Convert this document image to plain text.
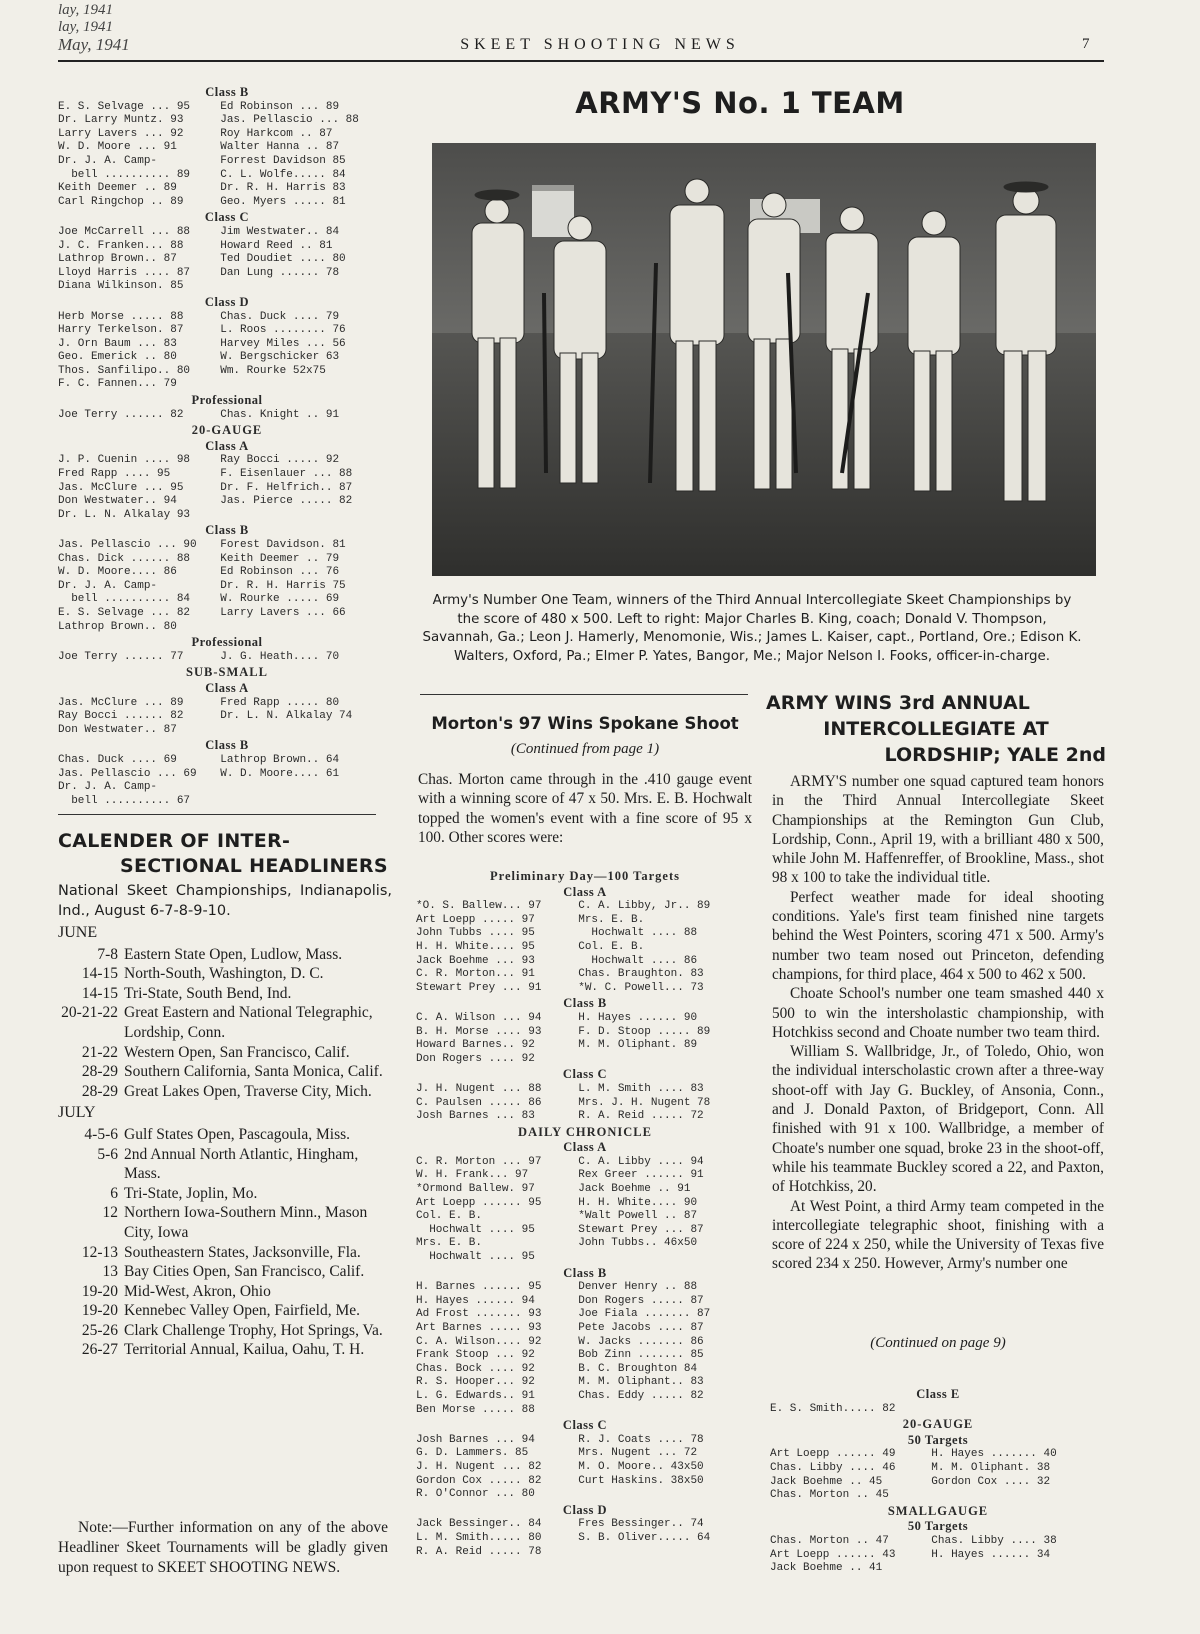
lay, 1941
lay, 1941
May, 1941	SKEET SHOOTING NEWS	7
Class B
E. S. Selvage ... 95	Ed Robinson ... 89
Dr. Larry Muntz. 93	Jas. Pellascio ... 88
Larry Lavers ... 92	Roy Harkcom .. 87
W. D. Moore ... 91	Walter Hanna .. 87
Dr. J. A. Camp-	Forrest Davidson 85
bell .......... 89	C. L. Wolfe..... 84
Keith Deemer .. 89	Dr. R. H. Harris 83
Carl Ringchop .. 89	Geo. Myers ..... 81
Class C
Joe McCarrell ... 88	Jim Westwater.. 84
J. C. Franken... 88	Howard Reed .. 81
Lathrop Brown.. 87	Ted Doudiet .... 80
Lloyd Harris .... 87	Dan Lung ...... 78
Diana Wilkinson. 85
Class D
Herb Morse ..... 88	Chas. Duck .... 79
Harry Terkelson. 87	L. Roos ........ 76
J. Orn Baum ... 83	Harvey Miles ... 56
Geo. Emerick .. 80	W. Bergschicker 63
Thos. Sanfilipo.. 80	Wm. Rourke 52x75
F. C. Fannen... 79
Professional
Joe Terry ...... 82	Chas. Knight .. 91
20-GAUGE
Class A
J. P. Cuenin .... 98	Ray Bocci ..... 92
Fred Rapp .... 95	F. Eisenlauer ... 88
Jas. McClure ... 95	Dr. F. Helfrich.. 87
Don Westwater.. 94	Jas. Pierce ..... 82
Dr. L. N. Alkalay 93
Class B
Jas. Pellascio ... 90	Forest Davidson. 81
Chas. Dick ...... 88	Keith Deemer .. 79
W. D. Moore.... 86	Ed Robinson ... 76
Dr. J. A. Camp-	Dr. R. H. Harris 75
bell .......... 84	W. Rourke ..... 69
E. S. Selvage ... 82	Larry Lavers ... 66
Lathrop Brown.. 80
Professional
Joe Terry ...... 77	J. G. Heath.... 70
SUB-SMALL
Class A
Jas. McClure ... 89	Fred Rapp ..... 80
Ray Bocci ...... 82	Dr. L. N. Alkalay 74
Don Westwater.. 87
Class B
Chas. Duck .... 69	Lathrop Brown.. 64
Jas. Pellascio ... 69	W. D. Moore.... 61
Dr. J. A. Camp-
bell .......... 67
CALENDER OF INTER-
SECTIONAL HEADLINERS
National Skeet Championships, Indianapolis, Ind., August 6-7-8-9-10.
JUNE
7-8 Eastern State Open, Ludlow, Mass.
14-15 North-South, Washington, D. C.
14-15 Tri-State, South Bend, Ind.
20-21-22 Great Eastern and National Telegraphic, Lordship, Conn.
21-22 Western Open, San Francisco, Calif.
28-29 Southern California, Santa Monica, Calif.
28-29 Great Lakes Open, Traverse City, Mich.
JULY
4-5-6 Gulf States Open, Pascagoula, Miss.
5-6 2nd Annual North Atlantic, Hingham, Mass.
6 Tri-State, Joplin, Mo.
12 Northern Iowa-Southern Minn., Mason City, Iowa
12-13 Southeastern States, Jacksonville, Fla.
13 Bay Cities Open, San Francisco, Calif.
19-20 Mid-West, Akron, Ohio
19-20 Kennebec Valley Open, Fairfield, Me.
25-26 Clark Challenge Trophy, Hot Springs, Va.
26-27 Territorial Annual, Kailua, Oahu, T. H.
Note:—Further information on any of the above Headliner Skeet Tournaments will be gladly given upon request to SKEET SHOOTING NEWS.
ARMY'S No. 1 TEAM
Army's Number One Team, winners of the Third Annual Intercollegiate Skeet Championships by the score of 480 x 500. Left to right: Major Charles B. King, coach; Donald V. Thompson, Savannah, Ga.; Leon J. Hamerly, Menomonie, Wis.; James L. Kaiser, capt., Portland, Ore.; Edison K. Walters, Oxford, Pa.; Elmer P. Yates, Bangor, Me.; Major Nelson I. Fooks, officer-in-charge.
Morton's 97 Wins Spokane Shoot
(Continued from page 1)
Chas. Morton came through in the .410 gauge event with a winning score of 47 x 50. Mrs. E. B. Hochwalt topped the women's event with a fine score of 95 x 100. Other scores were:
Preliminary Day—100 Targets
Class A
*O. S. Ballew... 97	C. A. Libby, Jr.. 89
Art Loepp ..... 97	Mrs. E. B.
John Tubbs .... 95	Hochwalt .... 88
H. H. White.... 95	Col. E. B.
Jack Boehme ... 93	Hochwalt .... 86
C. R. Morton... 91	Chas. Braughton. 83
Stewart Prey ... 91	*W. C. Powell... 73
Class B
C. A. Wilson ... 94	H. Hayes ...... 90
B. H. Morse .... 93	F. D. Stoop ..... 89
Howard Barnes.. 92	M. M. Oliphant. 89
Don Rogers .... 92
Class C
J. H. Nugent ... 88	L. M. Smith .... 83
C. Paulsen ..... 86	Mrs. J. H. Nugent 78
Josh Barnes ... 83	R. A. Reid ..... 72
DAILY CHRONICLE
Class A
C. R. Morton ... 97	C. A. Libby .... 94
W. H. Frank... 97	Rex Greer ...... 91
*Ormond Ballew. 97	Jack Boehme .. 91
Art Loepp ...... 95	H. H. White.... 90
Col. E. B.	*Walt Powell .. 87
Hochwalt .... 95	Stewart Prey ... 87
Mrs. E. B.	John Tubbs.. 46x50
Hochwalt .... 95
Class B
H. Barnes ...... 95	Denver Henry .. 88
H. Hayes ...... 94	Don Rogers ..... 87
Ad Frost ....... 93	Joe Fiala ....... 87
Art Barnes ..... 93	Pete Jacobs .... 87
C. A. Wilson.... 92	W. Jacks ....... 86
Frank Stoop ... 92	Bob Zinn ....... 85
Chas. Bock .... 92	B. C. Broughton 84
R. S. Hooper... 92	M. M. Oliphant.. 83
L. G. Edwards.. 91	Chas. Eddy ..... 82
Ben Morse ..... 88
Class C
Josh Barnes ... 94	R. J. Coats .... 78
G. D. Lammers. 85	Mrs. Nugent ... 72
J. H. Nugent ... 82	M. O. Moore.. 43x50
Gordon Cox ..... 82	Curt Haskins. 38x50
R. O'Connor ... 80
Class D
Jack Bessinger.. 84	Fres Bessinger.. 74
L. M. Smith..... 80	S. B. Oliver..... 64
R. A. Reid ..... 78
ARMY WINS 3rd ANNUAL
INTERCOLLEGIATE AT
LORDSHIP; YALE 2nd

ARMY'S number one squad captured team honors in the Third Annual Intercollegiate Skeet Championships at the Remington Gun Club, Lordship, Conn., April 19, with a brilliant 480 x 500, while John M. Haffenreffer, of Brookline, Mass., shot 98 x 100 to take the individual title.

Perfect weather made for ideal shooting conditions. Yale's first team finished nine targets behind the West Pointers, scoring 471 x 500. Army's number two team nosed out Princeton, defending champions, for third place, 464 x 500 to 462 x 500.

Choate School's number one team smashed 440 x 500 to win the intersholastic championship, with Hotchkiss second and Choate number two team third.

William S. Wallbridge, Jr., of Toledo, Ohio, won the individual interscholastic crown after a three-way shoot-off with Jay G. Buckley, of Ansonia, Conn., and J. Donald Paxton, of Bridgeport, Conn. All finished with 91 x 100. Wallbridge, a member of Choate's number one squad, broke 23 in the shoot-off, while his teammate Buckley scored a 22, and Paxton, of Hotchkiss, 20.

At West Point, a third Army team competed in the intercollegiate telegraphic shoot, finishing with a score of 224 x 250, while the University of Texas five scored 234 x 250. However, Army's number one

(Continued on page 9)
Class E
E. S. Smith..... 82
20-GAUGE
50 Targets
Art Loepp ...... 49	H. Hayes ....... 40
Chas. Libby .... 46	M. M. Oliphant. 38
Jack Boehme .. 45	Gordon Cox .... 32
Chas. Morton .. 45
SMALLGAUGE
50 Targets
Chas. Morton .. 47	Chas. Libby .... 38
Art Loepp ...... 43	H. Hayes ...... 34
Jack Boehme .. 41
